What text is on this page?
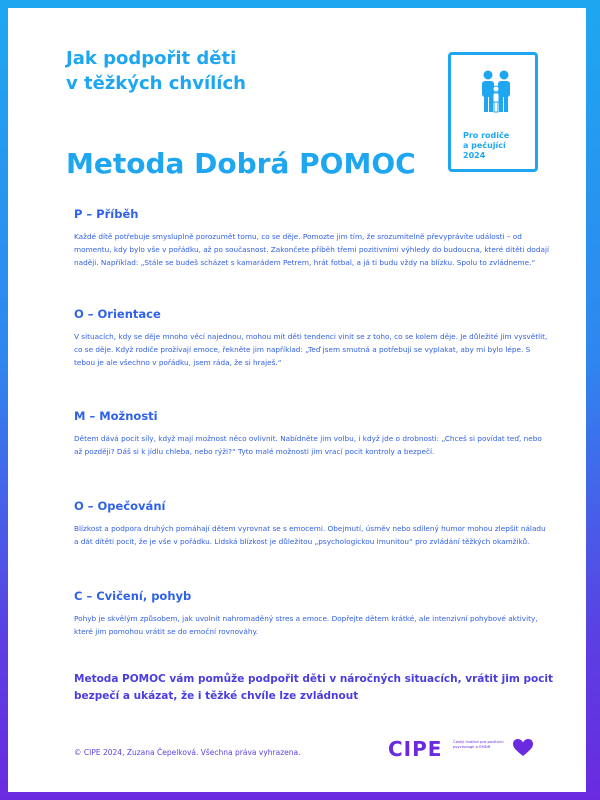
Jak podpořit děti
v těžkých chvílích
Pro rodiče
a pečující
2024
Metoda Dobrá POMOC
P – Příběh
Každé dítě potřebuje smysluplně porozumět tomu, co se děje. Pomozte jim tím, že srozumitelně převyprávíte události – od momentu, kdy bylo vše v pořádku, až po současnost. Zakončete příběh třemi pozitivními výhledy do budoucna, které dítěti dodají naději. Například: „Stále se budeš scházet s kamarádem Petrem, hrát fotbal, a já ti budu vždy na blízku. Spolu to zvládneme.“
O – Orientace
V situacích, kdy se děje mnoho věcí najednou, mohou mít děti tendenci vinit se z toho, co se kolem děje. Je důležité jim vysvětlit, co se děje. Když rodiče prožívají emoce, řekněte jim například: „Teď jsem smutná a potřebuji se vyplakat, aby mi bylo lépe. S tebou je ale všechno v pořádku, jsem ráda, že si hraješ.“
M – Možnosti
Dětem dává pocit síly, když mají možnost něco ovlivnit. Nabídněte jim volbu, i když jde o drobnosti: „Chceš si povídat teď, nebo až později? Dáš si k jídlu chleba, nebo rýži?“ Tyto malé možnosti jim vrací pocit kontroly a bezpečí.
O – Opečování
Blízkost a podpora druhých pomáhají dětem vyrovnat se s emocemi. Obejmutí, úsměv nebo sdílený humor mohou zlepšit náladu a dát dítěti pocit, že je vše v pořádku. Lidská blízkost je důležitou „psychologickou imunitou“ pro zvládání těžkých okamžiků.
C – Cvičení, pohyb
Pohyb je skvělým způsobem, jak uvolnit nahromaděný stres a emoce. Dopřejte dětem krátké, ale intenzivní pohybové aktivity, které jim pomohou vrátit se do emoční rovnováhy.
Metoda POMOC vám pomůže podpořit děti v náročných situacích, vrátit jim pocit bezpečí a ukázat, že i těžké chvíle lze zvládnout
© CIPE 2024, Zuzana Čepelková. Všechna práva vyhrazena.	CIPE	Český institut pro pozitivní psychologii a EMDR
